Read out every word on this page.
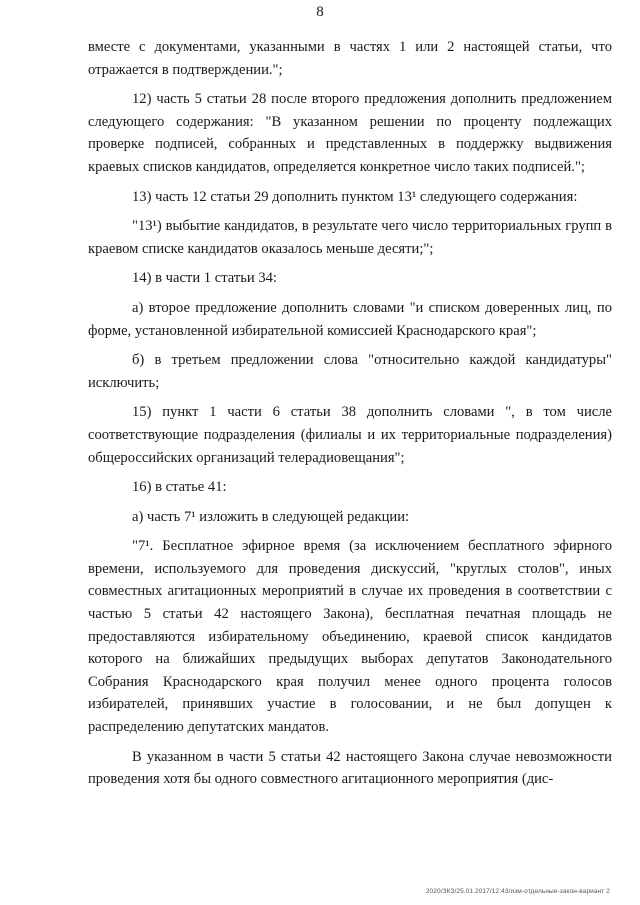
8

вместе с документами, указанными в частях 1 или 2 настоящей статьи, что отражается в подтверждении.";

12) часть 5 статьи 28 после второго предложения дополнить предложением следующего содержания: "В указанном решении по проценту подлежащих проверке подписей, собранных и представленных в поддержку выдвижения краевых списков кандидатов, определяется конкретное число таких подписей.";

13) часть 12 статьи 29 дополнить пунктом 13¹ следующего содержания:

"13¹) выбытие кандидатов, в результате чего число территориальных групп в краевом списке кандидатов оказалось меньше десяти;";

14) в части 1 статьи 34:

а) второе предложение дополнить словами "и списком доверенных лиц, по форме, установленной избирательной комиссией Краснодарского края";

б) в третьем предложении слова "относительно каждой кандидатуры" исключить;

15) пункт 1 части 6 статьи 38 дополнить словами ", в том числе соответствующие подразделения (филиалы и их территориальные подразделения) общероссийских организаций телерадиовещания";

16) в статье 41:

а) часть 7¹ изложить в следующей редакции:

"7¹. Бесплатное эфирное время (за исключением бесплатного эфирного времени, используемого для проведения дискуссий, "круглых столов", иных совместных агитационных мероприятий в случае их проведения в соответствии с частью 5 статьи 42 настоящего Закона), бесплатная печатная площадь не предоставляются избирательному объединению, краевой список кандидатов которого на ближайших предыдущих выборах депутатов Законодательного Собрания Краснодарского края получил менее одного процента голосов избирателей, принявших участие в голосовании, и не был допущен к распределению депутатских мандатов.

В указанном в части 5 статьи 42 настоящего Закона случае невозможности проведения хотя бы одного совместного агитационного мероприятия (дис-

2020/ЗКЗ/25.01.2017/12:43/изм-отдельные-закон-вариант 2
